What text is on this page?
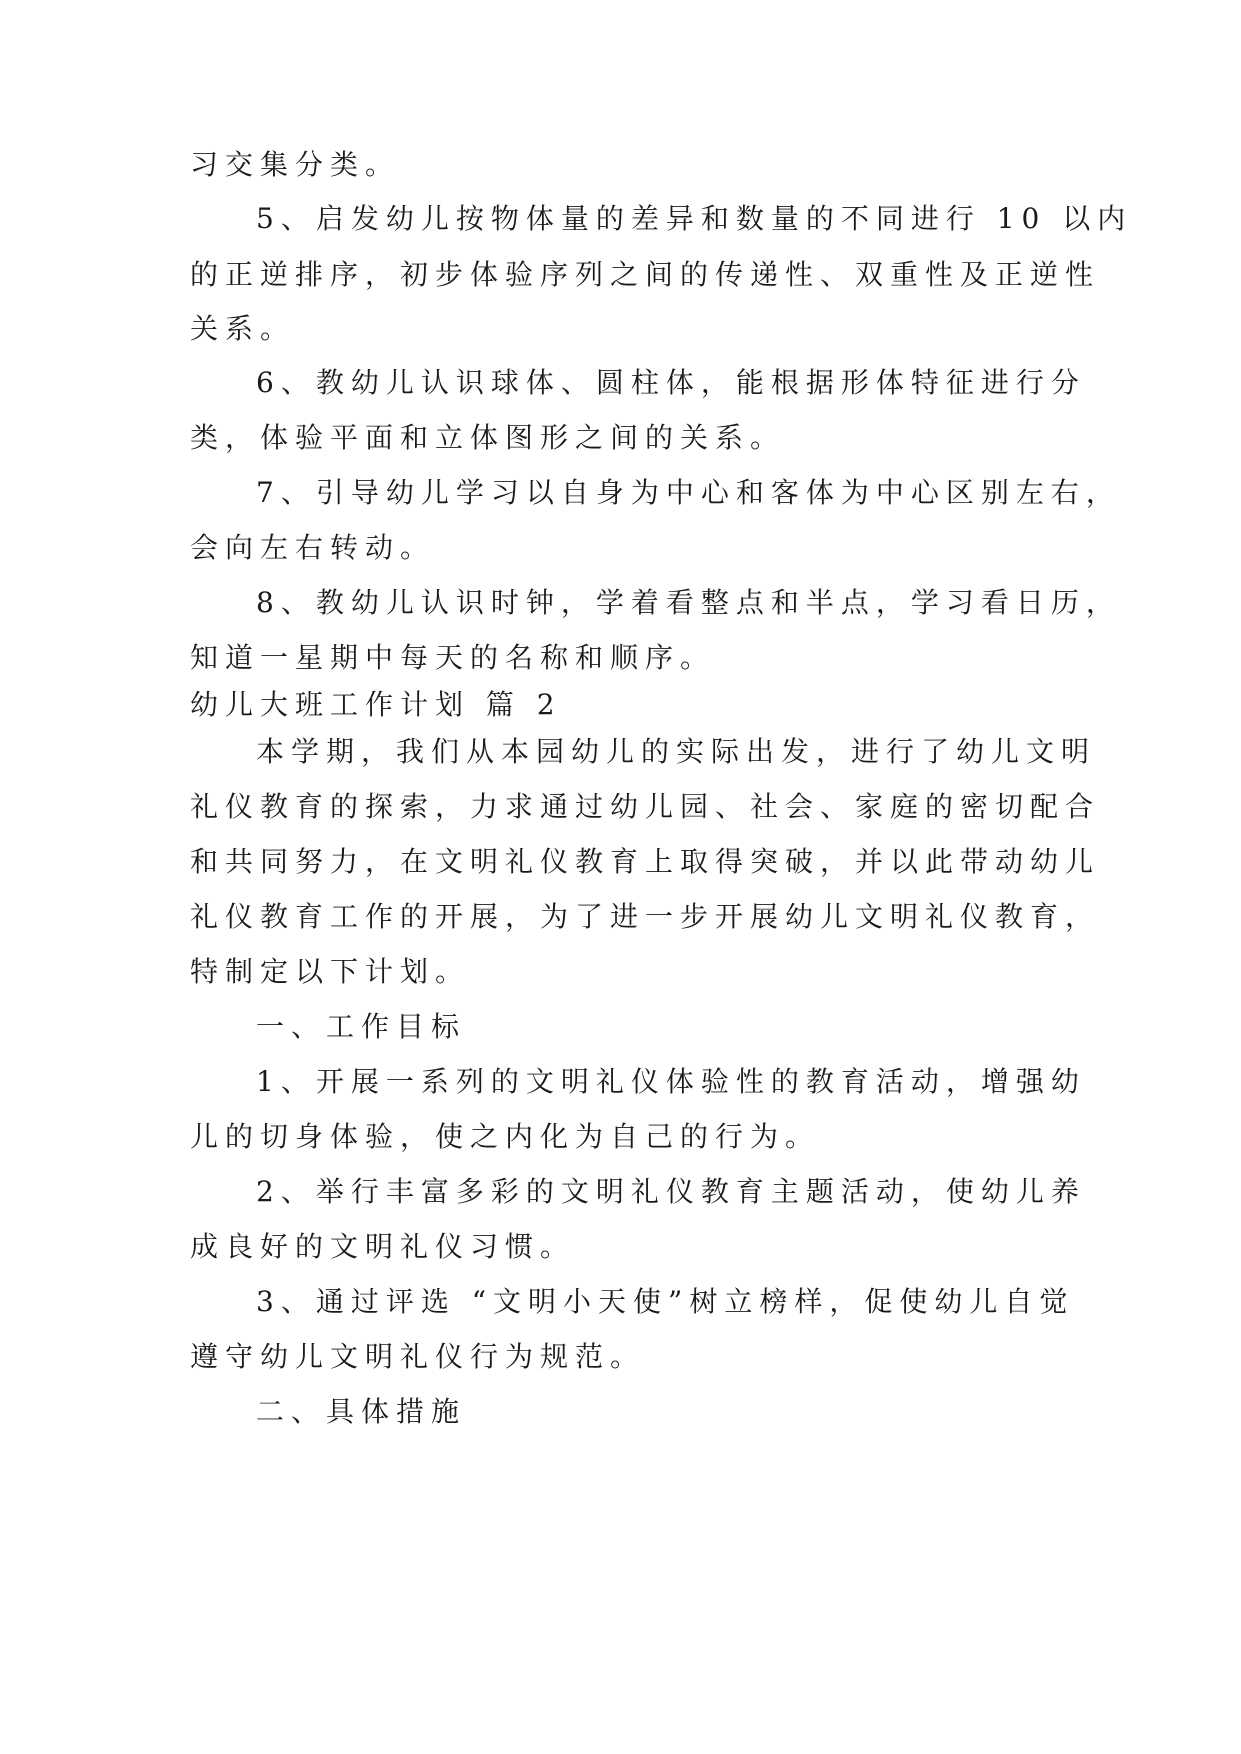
习交集分类。

5、启发幼儿按物体量的差异和数量的不同进行 10 以内

的正逆排序，初步体验序列之间的传递性、双重性及正逆性

关系。

6、教幼儿认识球体、圆柱体，能根据形体特征进行分

类，体验平面和立体图形之间的关系。

7、引导幼儿学习以自身为中心和客体为中心区别左右，

会向左右转动。

8、教幼儿认识时钟，学着看整点和半点，学习看日历，

知道一星期中每天的名称和顺序。

幼儿大班工作计划 篇 2

本学期，我们从本园幼儿的实际出发，进行了幼儿文明

礼仪教育的探索，力求通过幼儿园、社会、家庭的密切配合

和共同努力，在文明礼仪教育上取得突破，并以此带动幼儿

礼仪教育工作的开展，为了进一步开展幼儿文明礼仪教育，

特制定以下计划。

一、工作目标

1、开展一系列的文明礼仪体验性的教育活动，增强幼

儿的切身体验，使之内化为自己的行为。

2、举行丰富多彩的文明礼仪教育主题活动，使幼儿养

成良好的文明礼仪习惯。

3、通过评选 “文明小天使”树立榜样，促使幼儿自觉

遵守幼儿文明礼仪行为规范。

二、具体措施
